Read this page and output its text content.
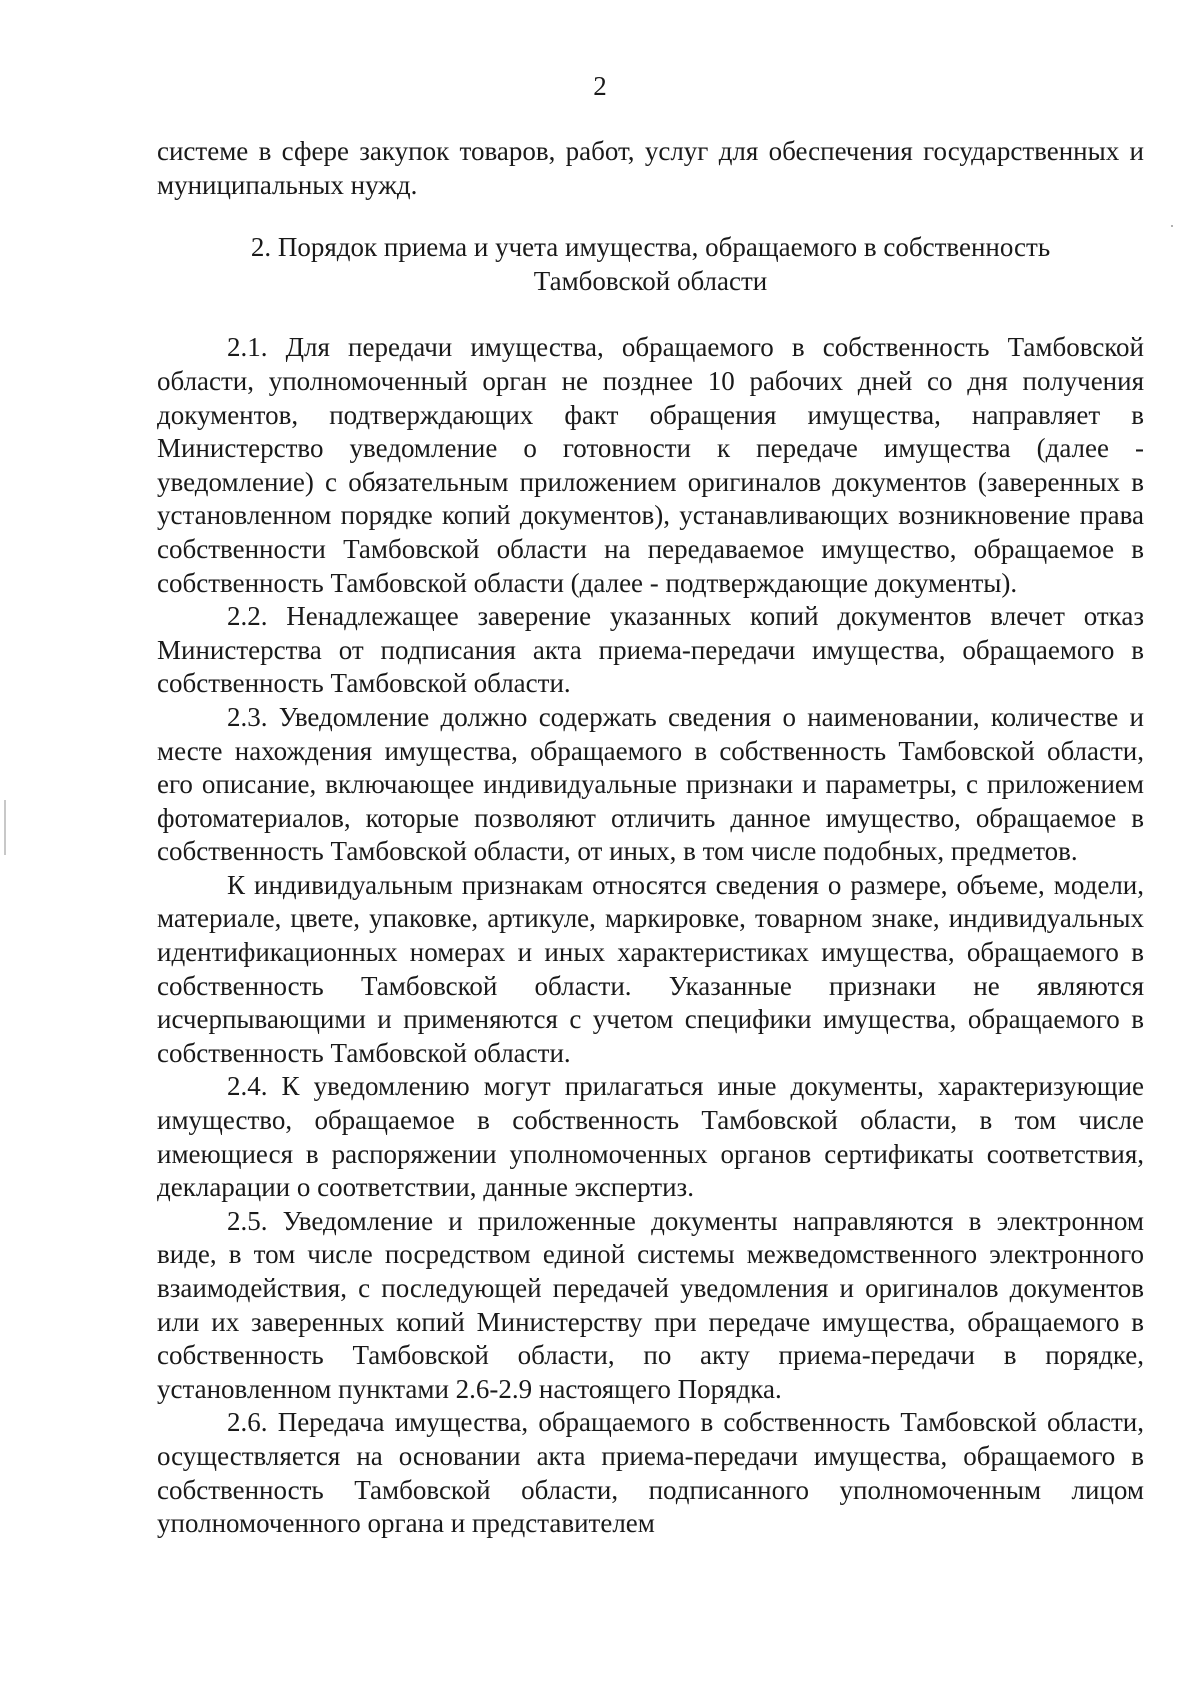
2

системе в сфере закупок товаров, работ, услуг для обеспечения государственных и муниципальных нужд.

2. Порядок приема и учета имущества, обращаемого в собственность
Тамбовской области

2.1. Для передачи имущества, обращаемого в собственность Тамбовской области, уполномоченный орган не позднее 10 рабочих дней со дня получения документов, подтверждающих факт обращения имущества, направляет в Министерство уведомление о готовности к передаче имущества (далее - уведомление) с обязательным приложением оригиналов документов (заверенных в установленном порядке копий документов), устанавливающих возникновение права собственности Тамбовской области на передаваемое имущество, обращаемое в собственность Тамбовской области (далее - подтверждающие документы).

2.2. Ненадлежащее заверение указанных копий документов влечет отказ Министерства от подписания акта приема-передачи имущества, обращаемого в собственность Тамбовской области.

2.3. Уведомление должно содержать сведения о наименовании, количестве и месте нахождения имущества, обращаемого в собственность Тамбовской области, его описание, включающее индивидуальные признаки и параметры, с приложением фотоматериалов, которые позволяют отличить данное имущество, обращаемое в собственность Тамбовской области, от иных, в том числе подобных, предметов.

К индивидуальным признакам относятся сведения о размере, объеме, модели, материале, цвете, упаковке, артикуле, маркировке, товарном знаке, индивидуальных идентификационных номерах и иных характеристиках имущества, обращаемого в собственность Тамбовской области. Указанные признаки не являются исчерпывающими и применяются с учетом специфики имущества, обращаемого в собственность Тамбовской области.

2.4. К уведомлению могут прилагаться иные документы, характеризующие имущество, обращаемое в собственность Тамбовской области, в том числе имеющиеся в распоряжении уполномоченных органов сертификаты соответствия, декларации о соответствии, данные экспертиз.

2.5. Уведомление и приложенные документы направляются в электронном виде, в том числе посредством единой системы межведомственного электронного взаимодействия, с последующей передачей уведомления и оригиналов документов или их заверенных копий Министерству при передаче имущества, обращаемого в собственность Тамбовской области, по акту приема-передачи в порядке, установленном пунктами 2.6-2.9 настоящего Порядка.

2.6. Передача имущества, обращаемого в собственность Тамбовской области, осуществляется на основании акта приема-передачи имущества, обращаемого в собственность Тамбовской области, подписанного уполномоченным лицом уполномоченного органа и представителем
